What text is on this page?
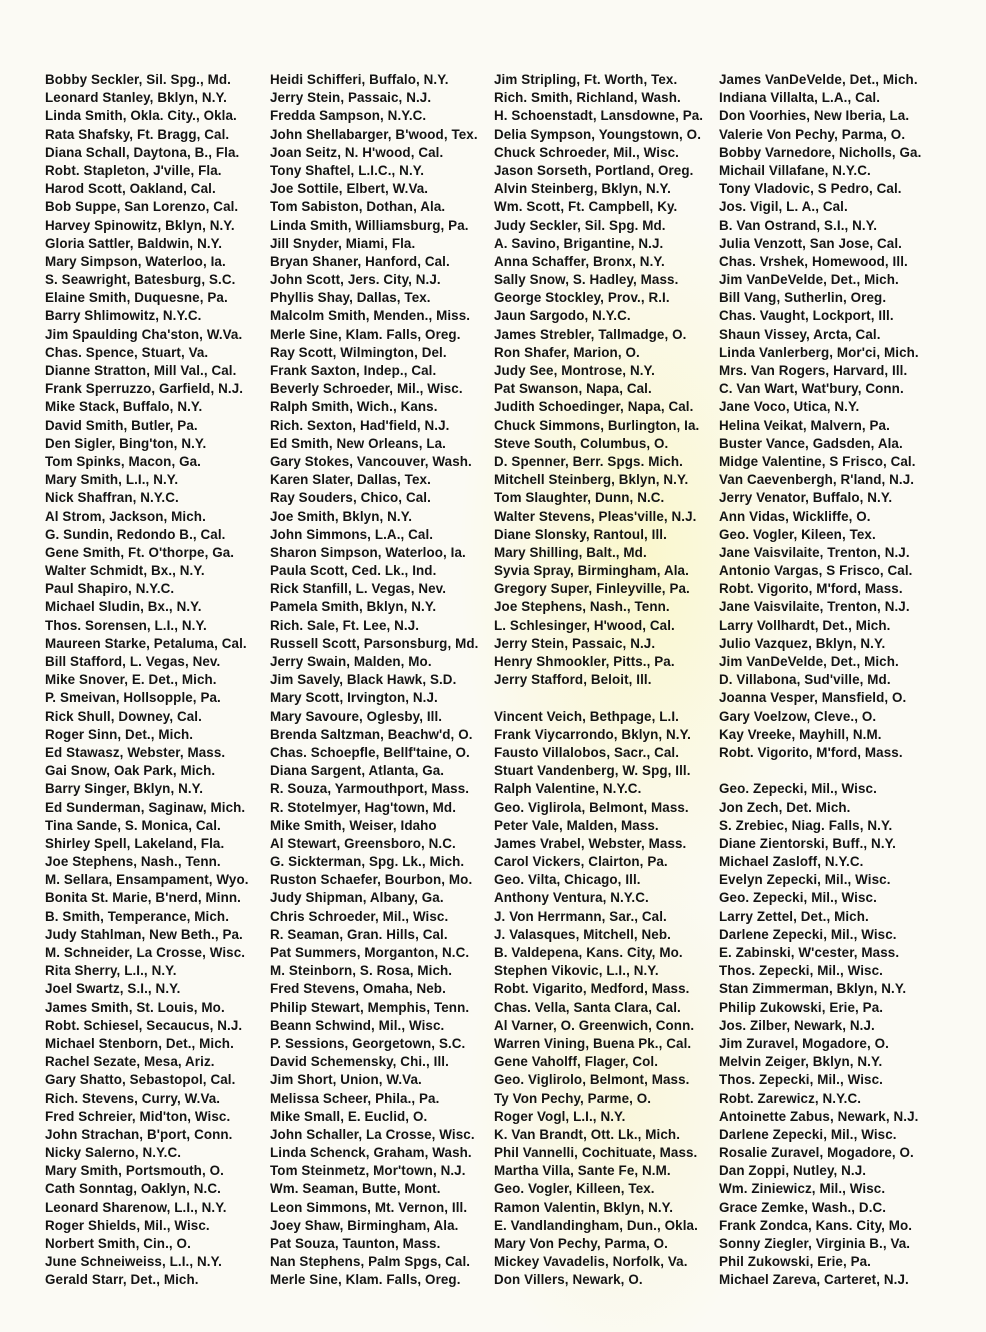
Bobby Seckler, Sil. Spg., Md.
Leonard Stanley, Bklyn, N.Y.
Linda Smith, Okla. City., Okla.
Rata Shafsky, Ft. Bragg, Cal.
Diana Schall, Daytona, B., Fla.
Robt. Stapleton, J'ville, Fla.
Harod Scott, Oakland, Cal.
Bob Suppe, San Lorenzo, Cal.
Harvey Spinowitz, Bklyn, N.Y.
Gloria Sattler, Baldwin, N.Y.
Mary Simpson, Waterloo, Ia.
S. Seawright, Batesburg, S.C.
Elaine Smith, Duquesne, Pa.
Barry Shlimowitz, N.Y.C.
Jim Spaulding Cha'ston, W.Va.
Chas. Spence, Stuart, Va.
Dianne Stratton, Mill Val., Cal.
Frank Sperruzzo, Garfield, N.J.
Mike Stack, Buffalo, N.Y.
David Smith, Butler, Pa.
Den Sigler, Bing'ton, N.Y.
Tom Spinks, Macon, Ga.
Mary Smith, L.I., N.Y.
Nick Shaffran, N.Y.C.
Al Strom, Jackson, Mich.
G. Sundin, Redondo B., Cal.
Gene Smith, Ft. O'thorpe, Ga.
Walter Schmidt, Bx., N.Y.
Paul Shapiro, N.Y.C.
Michael Sludin, Bx., N.Y.
Thos. Sorensen, L.I., N.Y.
Maureen Starke, Petaluma, Cal.
Bill Stafford, L. Vegas, Nev.
Mike Snover, E. Det., Mich.
P. Smeivan, Hollsopple, Pa.
Rick Shull, Downey, Cal.
Roger Sinn, Det., Mich.
Ed Stawasz, Webster, Mass.
Gai Snow, Oak Park, Mich.
Barry Singer, Bklyn, N.Y.
Ed Sunderman, Saginaw, Mich.
Tina Sande, S. Monica, Cal.
Shirley Spell, Lakeland, Fla.
Joe Stephens, Nash., Tenn.
M. Sellara, Ensampament, Wyo.
Bonita St. Marie, B'nerd, Minn.
B. Smith, Temperance, Mich.
Judy Stahlman, New Beth., Pa.
M. Schneider, La Crosse, Wisc.
Rita Sherry, L.I., N.Y.
Joel Swartz, S.I., N.Y.
James Smith, St. Louis, Mo.
Robt. Schiesel, Secaucus, N.J.
Michael Stenborn, Det., Mich.
Rachel Sezate, Mesa, Ariz.
Gary Shatto, Sebastopol, Cal.
Rich. Stevens, Curry, W.Va.
Fred Schreier, Mid'ton, Wisc.
John Strachan, B'port, Conn.
Nicky Salerno, N.Y.C.
Mary Smith, Portsmouth, O.
Cath Sonntag, Oaklyn, N.C.
Leonard Sharenow, L.I., N.Y.
Roger Shields, Mil., Wisc.
Norbert Smith, Cin., O.
June Schneiweiss, L.I., N.Y.
Gerald Starr, Det., Mich.
Heidi Schifferi, Buffalo, N.Y.
Jerry Stein, Passaic, N.J.
Fredda Sampson, N.Y.C.
John Shellabarger, B'wood, Tex.
Joan Seitz, N. H'wood, Cal.
Tony Shaftel, L.I.C., N.Y.
Joe Sottile, Elbert, W.Va.
Tom Sabiston, Dothan, Ala.
Linda Smith, Williamsburg, Pa.
Jill Snyder, Miami, Fla.
Bryan Shaner, Hanford, Cal.
John Scott, Jers. City, N.J.
Phyllis Shay, Dallas, Tex.
Malcolm Smith, Menden., Miss.
Merle Sine, Klam. Falls, Oreg.
Ray Scott, Wilmington, Del.
Frank Saxton, Indep., Cal.
Beverly Schroeder, Mil., Wisc.
Ralph Smith, Wich., Kans.
Rich. Sexton, Had'field, N.J.
Ed Smith, New Orleans, La.
Gary Stokes, Vancouver, Wash.
Karen Slater, Dallas, Tex.
Ray Souders, Chico, Cal.
Joe Smith, Bklyn, N.Y.
John Simmons, L.A., Cal.
Sharon Simpson, Waterloo, Ia.
Paula Scott, Ced. Lk., Ind.
Rick Stanfill, L. Vegas, Nev.
Pamela Smith, Bklyn, N.Y.
Rich. Sale, Ft. Lee, N.J.
Russell Scott, Parsonsburg, Md.
Jerry Swain, Malden, Mo.
Jim Savely, Black Hawk, S.D.
Mary Scott, Irvington, N.J.
Mary Savoure, Oglesby, Ill.
Brenda Saltzman, Beachw'd, O.
Chas. Schoepfle, Bellf'taine, O.
Diana Sargent, Atlanta, Ga.
R. Souza, Yarmouthport, Mass.
R. Stotelmyer, Hag'town, Md.
Mike Smith, Weiser, Idaho
Al Stewart, Greensboro, N.C.
G. Sickterman, Spg. Lk., Mich.
Ruston Schaefer, Bourbon, Mo.
Judy Shipman, Albany, Ga.
Chris Schroeder, Mil., Wisc.
R. Seaman, Gran. Hills, Cal.
Pat Summers, Morganton, N.C.
M. Steinborn, S. Rosa, Mich.
Fred Stevens, Omaha, Neb.
Philip Stewart, Memphis, Tenn.
Beann Schwind, Mil., Wisc.
P. Sessions, Georgetown, S.C.
David Schemensky, Chi., Ill.
Jim Short, Union, W.Va.
Melissa Scheer, Phila., Pa.
Mike Small, E. Euclid, O.
John Schaller, La Crosse, Wisc.
Linda Schenck, Graham, Wash.
Tom Steinmetz, Mor'town, N.J.
Wm. Seaman, Butte, Mont.
Leon Simmons, Mt. Vernon, Ill.
Joey Shaw, Birmingham, Ala.
Pat Souza, Taunton, Mass.
Nan Stephens, Palm Spgs, Cal.
Merle Sine, Klam. Falls, Oreg.
Jim Stripling, Ft. Worth, Tex.
Rich. Smith, Richland, Wash.
H. Schoenstadt, Lansdowne, Pa.
Delia Sympson, Youngstown, O.
Chuck Schroeder, Mil., Wisc.
Jason Sorseth, Portland, Oreg.
Alvin Steinberg, Bklyn, N.Y.
Wm. Scott, Ft. Campbell, Ky.
Judy Seckler, Sil. Spg. Md.
A. Savino, Brigantine, N.J.
Anna Schaffer, Bronx, N.Y.
Sally Snow, S. Hadley, Mass.
George Stockley, Prov., R.I.
Jaun Sargodo, N.Y.C.
James Strebler, Tallmadge, O.
Ron Shafer, Marion, O.
Judy See, Montrose, N.Y.
Pat Swanson, Napa, Cal.
Judith Schoedinger, Napa, Cal.
Chuck Simmons, Burlington, Ia.
Steve South, Columbus, O.
D. Spenner, Berr. Spgs. Mich.
Mitchell Steinberg, Bklyn, N.Y.
Tom Slaughter, Dunn, N.C.
Walter Stevens, Pleas'ville, N.J.
Diane Slonsky, Rantoul, Ill.
Mary Shilling, Balt., Md.
Syvia Spray, Birmingham, Ala.
Gregory Super, Finleyville, Pa.
Joe Stephens, Nash., Tenn.
L. Schlesinger, H'wood, Cal.
Jerry Stein, Passaic, N.J.
Henry Shmookler, Pitts., Pa.
Jerry Stafford, Beloit, Ill.
Vincent Veich, Bethpage, L.I.
Frank Viycarrondo, Bklyn, N.Y.
Fausto Villalobos, Sacr., Cal.
Stuart Vandenberg, W. Spg, Ill.
Ralph Valentine, N.Y.C.
Geo. Viglirola, Belmont, Mass.
Peter Vale, Malden, Mass.
James Vrabel, Webster, Mass.
Carol Vickers, Clairton, Pa.
Geo. Vilta, Chicago, Ill.
Anthony Ventura, N.Y.C.
J. Von Herrmann, Sar., Cal.
J. Valasques, Mitchell, Neb.
B. Valdepena, Kans. City, Mo.
Stephen Vikovic, L.I., N.Y.
Robt. Vigarito, Medford, Mass.
Chas. Vella, Santa Clara, Cal.
Al Varner, O. Greenwich, Conn.
Warren Vining, Buena Pk., Cal.
Gene Vaholff, Flager, Col.
Geo. Viglirolo, Belmont, Mass.
Ty Von Pechy, Parme, O.
Roger Vogl, L.I., N.Y.
K. Van Brandt, Ott. Lk., Mich.
Phil Vannelli, Cochituate, Mass.
Martha Villa, Sante Fe, N.M.
Geo. Vogler, Killeen, Tex.
Ramon Valentin, Bklyn, N.Y.
E. Vandlandingham, Dun., Okla.
Mary Von Pechy, Parma, O.
Mickey Vavadelis, Norfolk, Va.
Don Villers, Newark, O.
James VanDeVelde, Det., Mich.
Indiana Villalta, L.A., Cal.
Don Voorhies, New Iberia, La.
Valerie Von Pechy, Parma, O.
Bobby Varnedore, Nicholls, Ga.
Michail Villafane, N.Y.C.
Tony Vladovic, S Pedro, Cal.
Jos. Vigil, L. A., Cal.
B. Van Ostrand, S.I., N.Y.
Julia Venzott, San Jose, Cal.
Chas. Vrshek, Homewood, Ill.
Jim VanDeVelde, Det., Mich.
Bill Vang, Sutherlin, Oreg.
Chas. Vaught, Lockport, Ill.
Shaun Vissey, Arcta, Cal.
Linda Vanlerberg, Mor'ci, Mich.
Mrs. Van Rogers, Harvard, Ill.
C. Van Wart, Wat'bury, Conn.
Jane Voco, Utica, N.Y.
Helina Veikat, Malvern, Pa.
Buster Vance, Gadsden, Ala.
Midge Valentine, S Frisco, Cal.
Van Caevenbergh, R'land, N.J.
Jerry Venator, Buffalo, N.Y.
Ann Vidas, Wickliffe, O.
Geo. Vogler, Kileen, Tex.
Jane Vaisvilaite, Trenton, N.J.
Antonio Vargas, S Frisco, Cal.
Robt. Vigorito, M'ford, Mass.
Jane Vaisvilaite, Trenton, N.J.
Larry Vollhardt, Det., Mich.
Julio Vazquez, Bklyn, N.Y.
Jim VanDeVelde, Det., Mich.
D. Villabona, Sud'ville, Md.
Joanna Vesper, Mansfield, O.
Gary Voelzow, Cleve., O.
Kay Vreeke, Mayhill, N.M.
Robt. Vigorito, M'ford, Mass.
Geo. Zepecki, Mil., Wisc.
Jon Zech, Det. Mich.
S. Zrebiec, Niag. Falls, N.Y.
Diane Zientorski, Buff., N.Y.
Michael Zasloff, N.Y.C.
Evelyn Zepecki, Mil., Wisc.
Geo. Zepecki, Mil., Wisc.
Larry Zettel, Det., Mich.
Darlene Zepecki, Mil., Wisc.
E. Zabinski, W'cester, Mass.
Thos. Zepecki, Mil., Wisc.
Stan Zimmerman, Bklyn, N.Y.
Philip Zukowski, Erie, Pa.
Jos. Zilber, Newark, N.J.
Jim Zuravel, Mogadore, O.
Melvin Zeiger, Bklyn, N.Y.
Thos. Zepecki, Mil., Wisc.
Robt. Zarewicz, N.Y.C.
Antoinette Zabus, Newark, N.J.
Darlene Zepecki, Mil., Wisc.
Rosalie Zuravel, Mogadore, O.
Dan Zoppi, Nutley, N.J.
Wm. Ziniewicz, Mil., Wisc.
Grace Zemke, Wash., D.C.
Frank Zondca, Kans. City, Mo.
Sonny Ziegler, Virginia B., Va.
Phil Zukowski, Erie, Pa.
Michael Zareva, Carteret, N.J.
